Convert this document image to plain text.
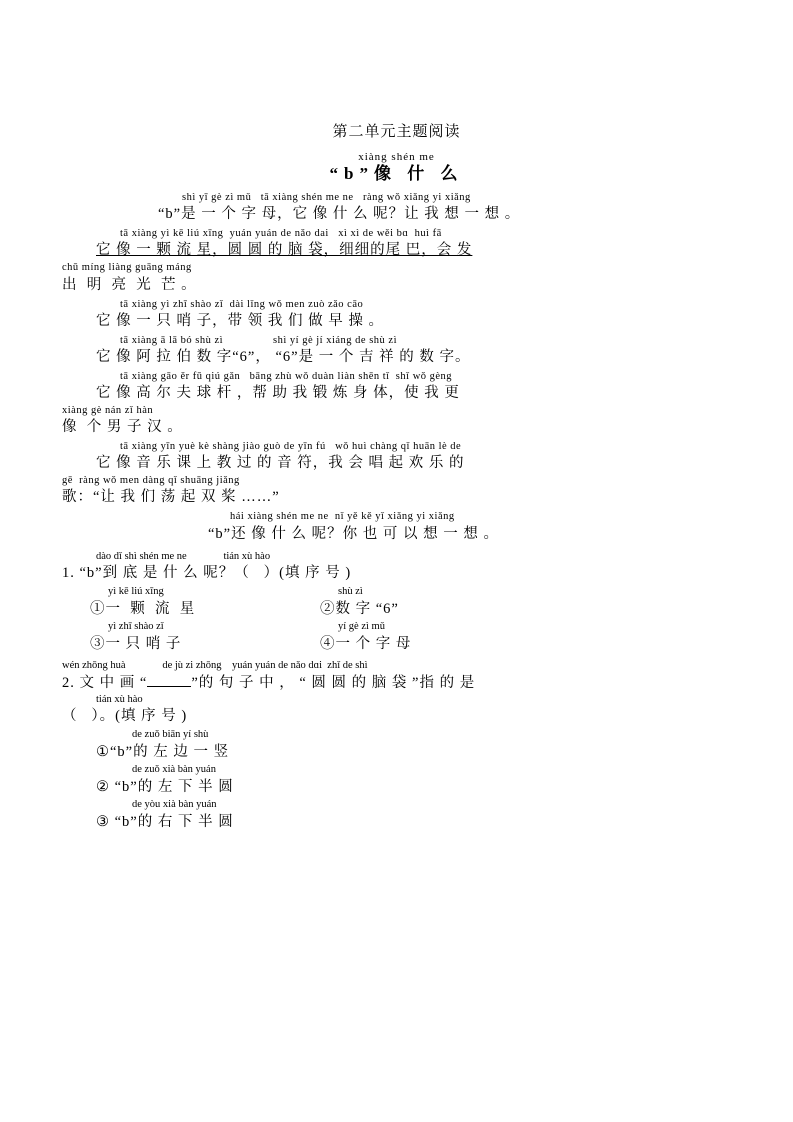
第二单元主题阅读
xiàng shén me
“b”像 什 么
shì yī gè zì mǔ   tā xiàng shén me ne   ràng wǒ xiǎng yi xiǎng
“b”是 一 个 字 母，它 像 什 么 呢？让 我 想 一 想 。
tā xiàng yì kē liú xīng  yuán yuán de nǎo dai   xì xì de wěi bɑ  huì fā
它 像 一 颗 流 星，圆 圆 的 脑 袋，细细的尾 巴，会 发
chū míng liàng guāng máng
出  明  亮  光  芒 。
tā xiàng yì zhī shào zǐ  dài lǐng wǒ men zuò zǎo cāo
它 像 一 只 哨 子，带 领 我 们 做 早 操 。
tā xiàng ā lā bó shù zì                shì yí gè jí xiáng de shù zì
它 像 阿 拉 伯 数 字“6”， “6”是 一 个 吉 祥 的 数 字。
tā xiàng gāo ěr fū qiú gǎn   bāng zhù wǒ duàn liàn shēn tǐ  shǐ wǒ gèng
它 像 高 尔 夫 球 杆 ，帮 助 我 锻 炼 身 体，使 我 更
xiàng gè nán zǐ hàn
像  个 男 子 汉 。
tā xiàng yīn yuè kè shàng jiào guò de yīn fú   wǒ huì chàng qǐ huān lè de
它 像 音 乐 课 上 教 过 的 音 符，我 会 唱 起 欢 乐 的
gē  ràng wǒ men dàng qǐ shuāng jiǎng
歌：“让 我 们 荡 起 双 桨 ……”
hái xiàng shén me ne  nǐ yě kě yǐ xiǎng yi xiǎng
“b”还 像 什 么 呢？你 也 可 以 想 一 想 。
dào dǐ shì shén me ne              tián xù hào
1. “b”到 底 是 什 么 呢？（   ）(填 序 号 )
yì kē liú xīng
①一  颗  流  星
shù zì
②数 字 “6”
yì zhī shào zǐ
③一 只 哨 子
yí gè zì mǔ
④一 个 字 母
wén zhōng huà              de jù zi zhōng    yuán yuán de nǎo dɑi  zhǐ de shì
2. 文 中 画 “	”的 句 子 中 ， “ 圆 圆 的 脑 袋 ”指 的 是
tián xù hào
（   ）。(填 序 号 )
de zuǒ biān yí shù
①“b”的 左 边 一 竖
de zuǒ xià bàn yuán
② “b”的 左 下 半 圆
de yòu xià bàn yuán
③ “b”的 右 下 半 圆
